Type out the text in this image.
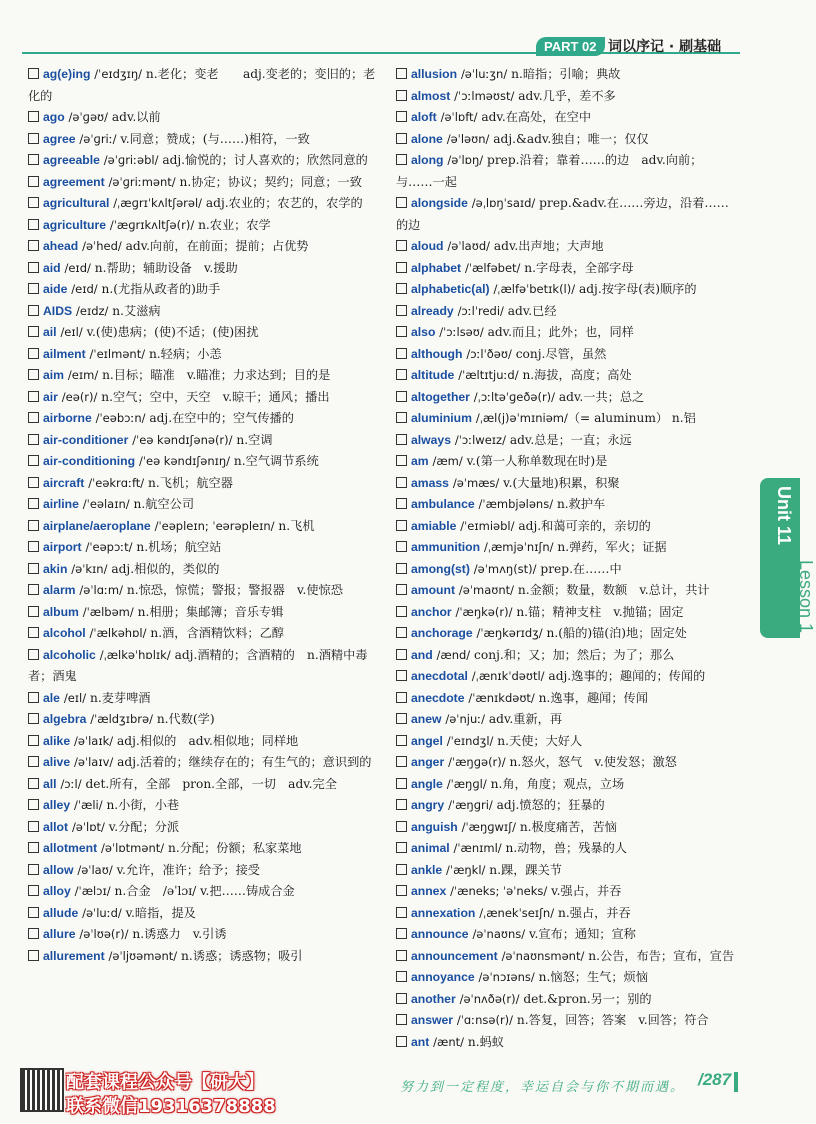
PART 02 词以序记 · 刷基础
ag(e)ing /ˈeɪdʒɪŋ/ n.老化；变老　　adj.变老的；变旧的；老化的
ago /əˈɡəʊ/ adv.以前
agree /əˈɡriː/ v.同意；赞成；(与……)相符，一致
agreeable /əˈɡriːəbl/ adj.愉悦的；讨人喜欢的；欣然同意的
agreement /əˈɡriːmənt/ n.协定；协议；契约；同意；一致
agricultural /ˌæɡrɪˈkʌltʃərəl/ adj.农业的；农艺的，农学的
agriculture /ˈæɡrɪkʌltʃə(r)/ n.农业；农学
ahead /əˈhed/ adv.向前，在前面；提前；占优势
aid /eɪd/ n.帮助；辅助设备　v.援助
aide /eɪd/ n.(尤指从政者的)助手
AIDS /eɪdz/ n.艾滋病
ail /eɪl/ v.(使)患病；(使)不适；(使)困扰
ailment /ˈeɪlmənt/ n.轻病；小恙
aim /eɪm/ n.目标；瞄准　v.瞄准；力求达到；目的是
air /eə(r)/ n.空气；空中，天空　v.晾干；通风；播出
airborne /ˈeəbɔːn/ adj.在空中的；空气传播的
air-conditioner /ˈeə kəndɪʃənə(r)/ n.空调
air-conditioning /ˈeə kəndɪʃənɪŋ/ n.空气调节系统
aircraft /ˈeəkrɑːft/ n.飞机；航空器
airline /ˈeəlaɪn/ n.航空公司
airplane/aeroplane /ˈeəpleɪn; ˈeərəpleɪn/ n.飞机
airport /ˈeəpɔːt/ n.机场；航空站
akin /əˈkɪn/ adj.相似的，类似的
alarm /əˈlɑːm/ n.惊恐，惊慌；警报；警报器　v.使惊恐
album /ˈælbəm/ n.相册；集邮簿；音乐专辑
alcohol /ˈælkəhɒl/ n.酒，含酒精饮料；乙醇
alcoholic /ˌælkəˈhɒlɪk/ adj.酒精的；含酒精的　n.酒精中毒者；酒鬼
ale /eɪl/ n.麦芽啤酒
algebra /ˈældʒɪbrə/ n.代数(学)
alike /əˈlaɪk/ adj.相似的　adv.相似地；同样地
alive /əˈlaɪv/ adj.活着的；继续存在的；有生气的；意识到的
all /ɔːl/ det.所有，全部　pron.全部，一切　adv.完全
alley /ˈæli/ n.小街，小巷
allot /əˈlɒt/ v.分配；分派
allotment /əˈlɒtmənt/ n.分配；份额；私家菜地
allow /əˈlaʊ/ v.允许，准许；给予；接受
alloy /ˈælɔɪ/ n.合金　/əˈlɔɪ/ v.把……铸成合金
allude /əˈluːd/ v.暗指，提及
allure /əˈlʊə(r)/ n.诱惑力　v.引诱
allurement /əˈljʊəmənt/ n.诱惑；诱惑物；吸引
allusion /əˈluːʒn/ n.暗指；引喻；典故
almost /ˈɔːlməʊst/ adv.几乎，差不多
aloft /əˈlɒft/ adv.在高处，在空中
alone /əˈləʊn/ adj.&adv.独自；唯一；仅仅
along /əˈlɒŋ/ prep.沿着；靠着……的边　adv.向前；与……一起
alongside /əˌlɒŋˈsaɪd/ prep.&adv.在……旁边，沿着……的边
aloud /əˈlaʊd/ adv.出声地；大声地
alphabet /ˈælfəbet/ n.字母表，全部字母
alphabetic(al) /ˌælfəˈbetɪk(l)/ adj.按字母(表)顺序的
already /ɔːlˈredi/ adv.已经
also /ˈɔːlsəʊ/ adv.而且；此外；也，同样
although /ɔːlˈðəʊ/ conj.尽管，虽然
altitude /ˈæltɪtjuːd/ n.海拔，高度；高处
altogether /ˌɔːltəˈɡeðə(r)/ adv.一共；总之
aluminium /ˌæl(j)əˈmɪniəm/（= aluminum） n.铝
always /ˈɔːlweɪz/ adv.总是；一直；永远
am /æm/ v.(第一人称单数现在时)是
amass /əˈmæs/ v.(大量地)积累，积聚
ambulance /ˈæmbjələns/ n.救护车
amiable /ˈeɪmiəbl/ adj.和蔼可亲的，亲切的
ammunition /ˌæmjəˈnɪʃn/ n.弹药，军火；证据
among(st) /əˈmʌŋ(st)/ prep.在……中
amount /əˈmaʊnt/ n.金额；数量，数额　v.总计，共计
anchor /ˈæŋkə(r)/ n.锚；精神支柱　v.抛锚；固定
anchorage /ˈæŋkərɪdʒ/ n.(船的)锚(泊)地；固定处
and /ænd/ conj.和；又；加；然后；为了；那么
anecdotal /ˌænɪkˈdəʊtl/ adj.逸事的；趣闻的；传闻的
anecdote /ˈænɪkdəʊt/ n.逸事，趣闻；传闻
anew /əˈnjuː/ adv.重新，再
angel /ˈeɪndʒl/ n.天使；大好人
anger /ˈæŋɡə(r)/ n.怒火，怒气　v.使发怒；激怒
angle /ˈæŋɡl/ n.角，角度；观点，立场
angry /ˈæŋɡri/ adj.愤怒的；狂暴的
anguish /ˈæŋɡwɪʃ/ n.极度痛苦，苦恼
animal /ˈænɪml/ n.动物，兽；残暴的人
ankle /ˈæŋkl/ n.踝，踝关节
annex /ˈæneks; ˈəˈneks/ v.强占，并吞
annexation /ˌænekˈseɪʃn/ n.强占，并吞
announce /əˈnaʊns/ v.宣布；通知；宣称
announcement /əˈnaʊnsmənt/ n.公告，布告；宣布，宣告
annoyance /əˈnɔɪəns/ n.恼怒；生气；烦恼
another /əˈnʌðə(r)/ det.&pron.另一；别的
answer /ˈɑːnsə(r)/ n.答复，回答；答案　v.回答；符合
ant /ænt/ n.蚂蚁
Unit 11
Lesson 1
配套课程公众号【研大】
联系微信19316378888
努力到一定程度，幸运自会与你不期而遇。 /287
